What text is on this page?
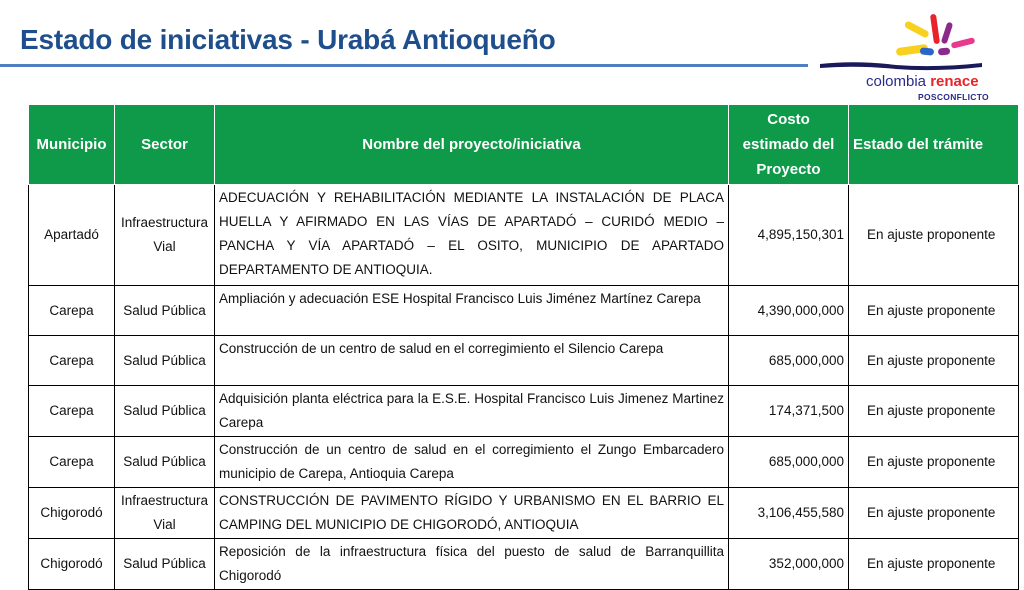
Estado de iniciativas - Urabá Antioqueño
colombia renace
POSCONFLICTO
Municipio	Sector	Nombre del proyecto/iniciativa	Costo estimado del Proyecto	Estado del trámite
Apartadó	Infraestructura Vial	ADECUACIÓN Y REHABILITACIÓN MEDIANTE LA INSTALACIÓN DE PLACA HUELLA Y AFIRMADO EN LAS VÍAS DE APARTADÓ – CURIDÓ MEDIO – PANCHA Y VÍA APARTADÓ – EL OSITO, MUNICIPIO DE APARTADO DEPARTAMENTO DE ANTIOQUIA.	4,895,150,301	En ajuste proponente
Carepa	Salud Pública	Ampliación y adecuación ESE Hospital Francisco Luis Jiménez Martínez Carepa	4,390,000,000	En ajuste proponente
Carepa	Salud Pública	Construcción de un centro de salud en el corregimiento el Silencio Carepa	685,000,000	En ajuste proponente
Carepa	Salud Pública	Adquisición planta eléctrica para la E.S.E. Hospital Francisco Luis Jimenez Martinez Carepa	174,371,500	En ajuste proponente
Carepa	Salud Pública	Construcción de un centro de salud en el corregimiento el Zungo Embarcadero municipio de Carepa, Antioquia Carepa	685,000,000	En ajuste proponente
Chigorodó	Infraestructura Vial	CONSTRUCCIÓN DE PAVIMENTO RÍGIDO Y URBANISMO EN EL BARRIO EL CAMPING DEL MUNICIPIO DE CHIGORODÓ, ANTIOQUIA	3,106,455,580	En ajuste proponente
Chigorodó	Salud Pública	Reposición de la infraestructura física del puesto de salud de Barranquillita Chigorodó	352,000,000	En ajuste proponente
